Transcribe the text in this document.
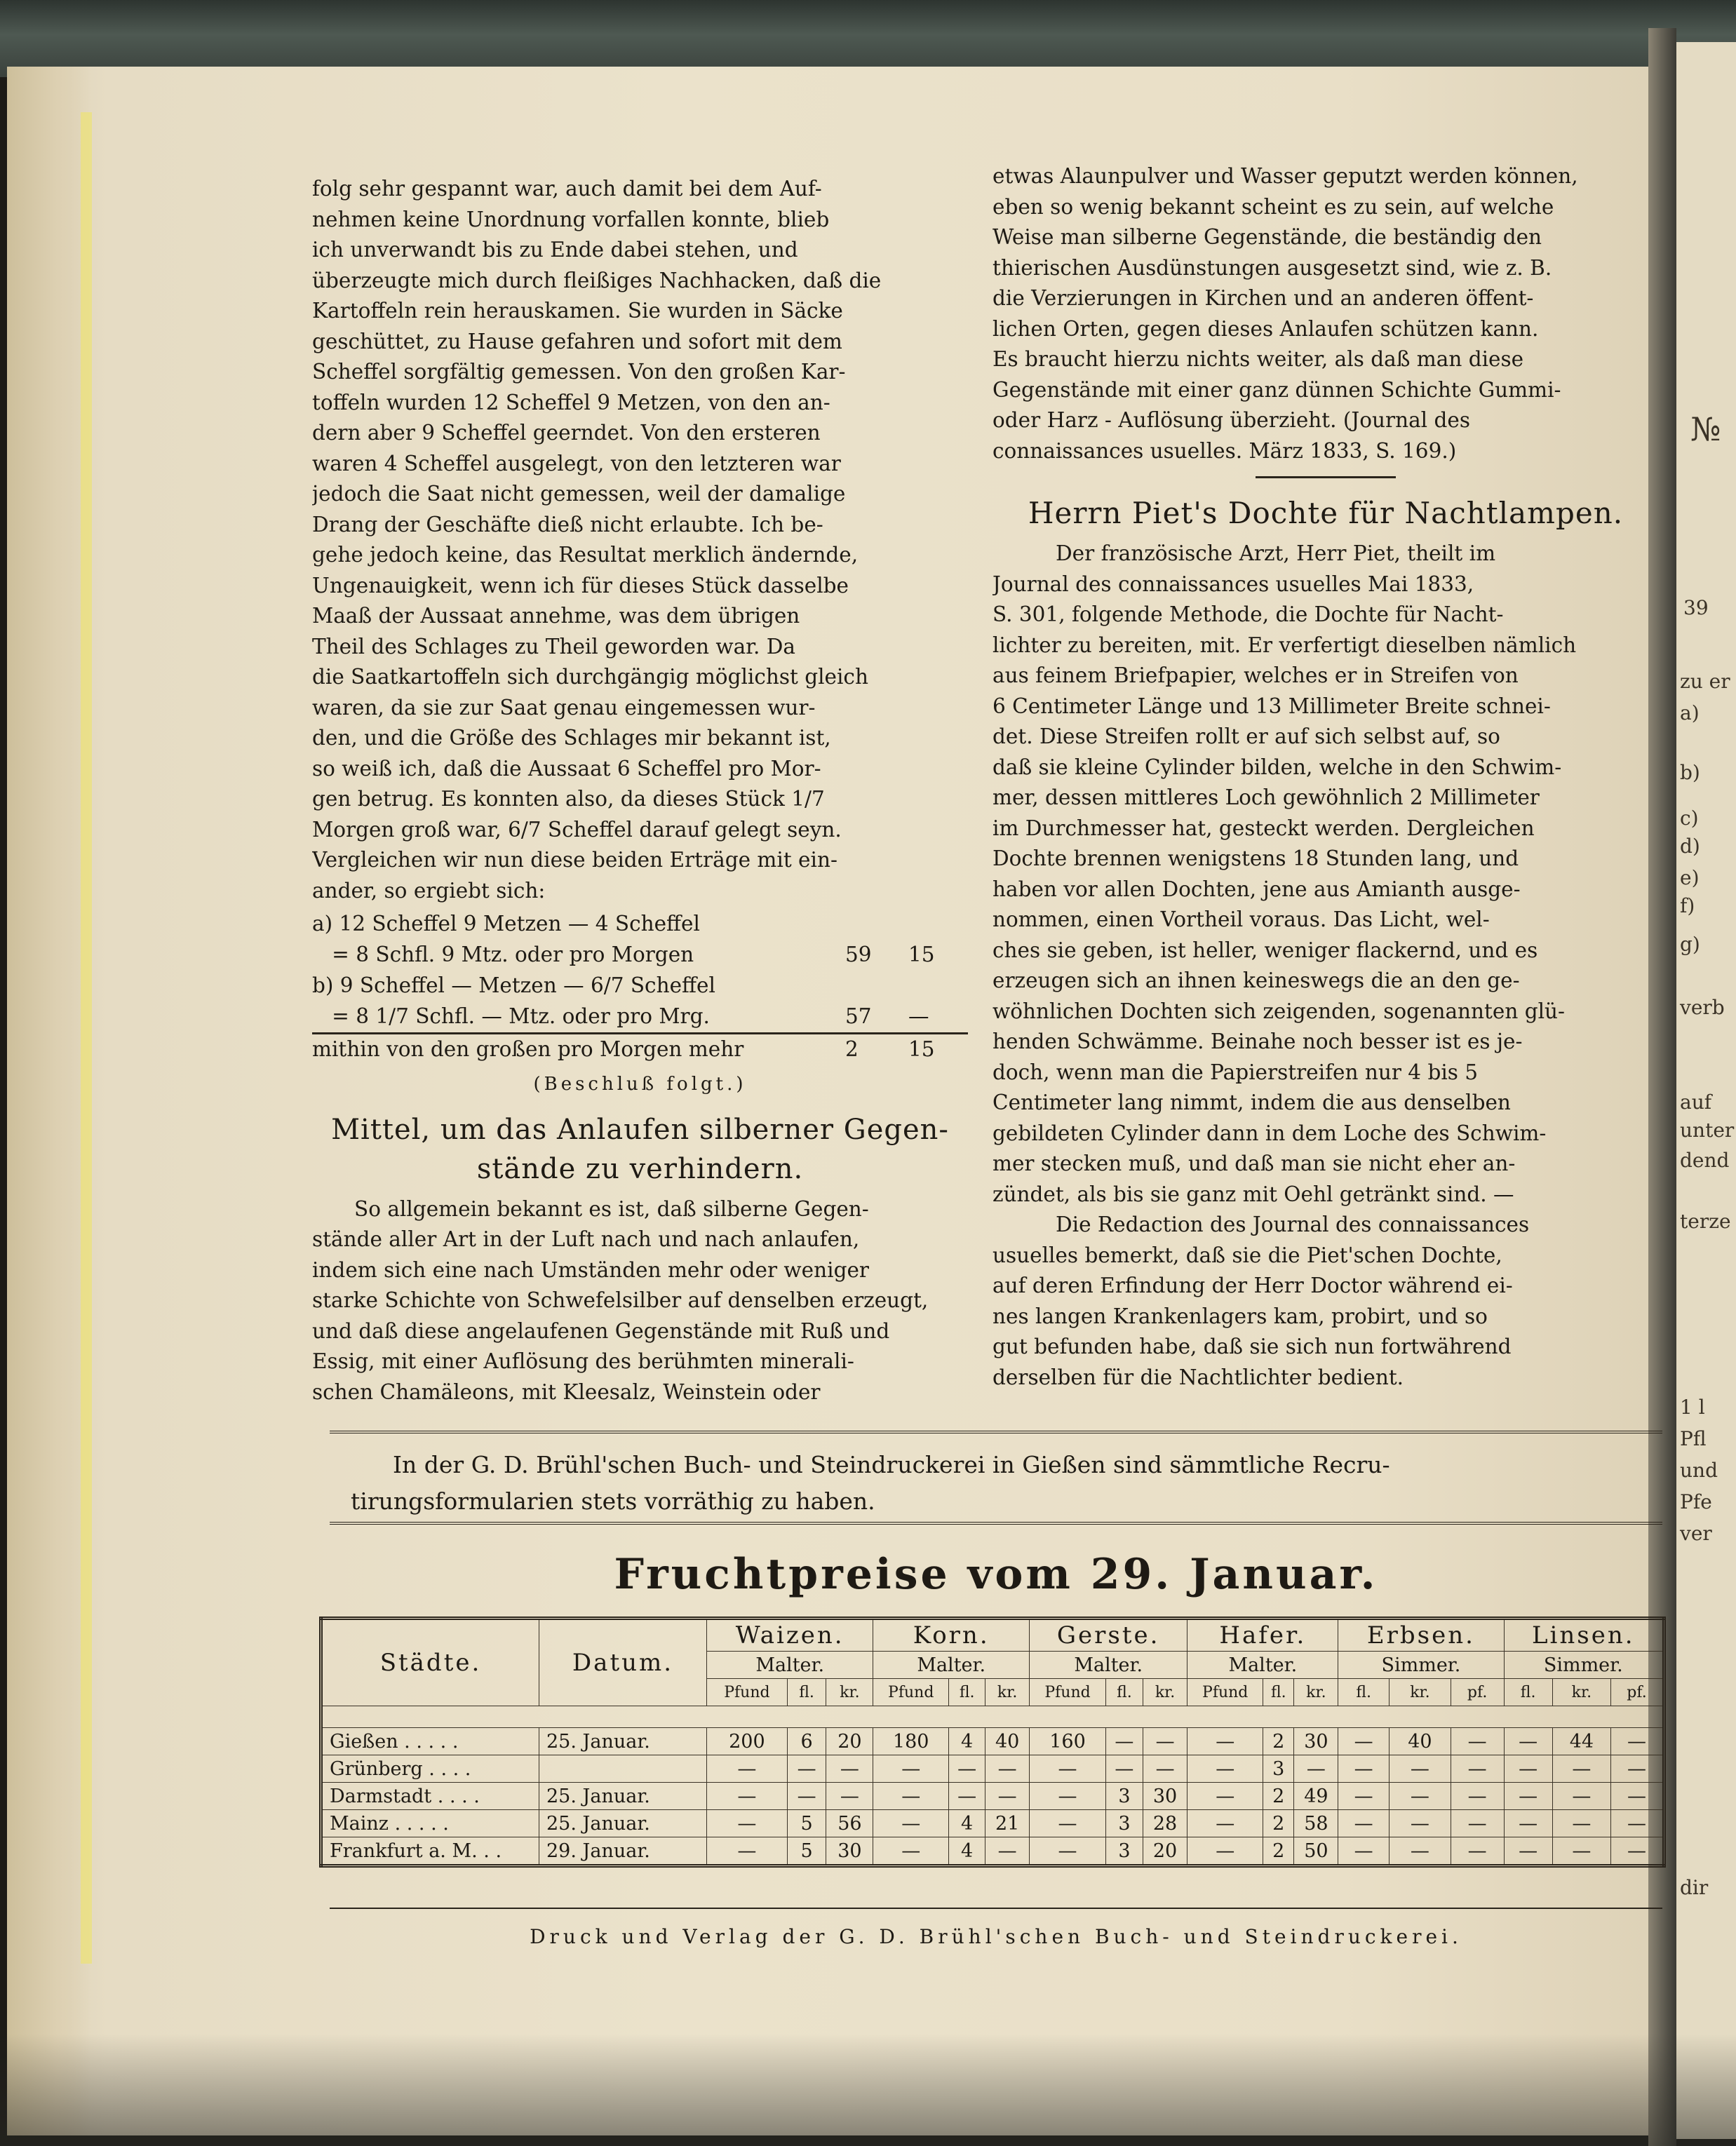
№
39
zu er
a)
b)
c)
d)
e)
f)
g)
verb
auf
unter
dend
terze
1 l
Pfl
und
Pfe
ver
dir
folg sehr gespannt war, auch damit bei dem Auf-
nehmen keine Unordnung vorfallen konnte, blieb
ich unverwandt bis zu Ende dabei stehen, und
überzeugte mich durch fleißiges Nachhacken, daß die
Kartoffeln rein herauskamen. Sie wurden in Säcke
geschüttet, zu Hause gefahren und sofort mit dem
Scheffel sorgfältig gemessen. Von den großen Kar-
toffeln wurden 12 Scheffel 9 Metzen, von den an-
dern aber 9 Scheffel geerndet. Von den ersteren
waren 4 Scheffel ausgelegt, von den letzteren war
jedoch die Saat nicht gemessen, weil der damalige
Drang der Geschäfte dieß nicht erlaubte. Ich be-
gehe jedoch keine, das Resultat merklich ändernde,
Ungenauigkeit, wenn ich für dieses Stück dasselbe
Maaß der Aussaat annehme, was dem übrigen
Theil des Schlages zu Theil geworden war. Da
die Saatkartoffeln sich durchgängig möglichst gleich
waren, da sie zur Saat genau eingemessen wur-
den, und die Größe des Schlages mir bekannt ist,
so weiß ich, daß die Aussaat 6 Scheffel pro Mor-
gen betrug. Es konnten also, da dieses Stück 1/7
Morgen groß war, 6/7 Scheffel darauf gelegt seyn.
Vergleichen wir nun diese beiden Erträge mit ein-
ander, so ergiebt sich:
a) 12 Scheffel 9 Metzen — 4 Scheffel
= 8 Schfl. 9 Mtz. oder pro Morgen	59 15
b) 9 Scheffel — Metzen — 6/7 Scheffel
= 8 1/7 Schfl. — Mtz. oder pro Mrg.	57 —
mithin von den großen pro Morgen mehr	2 15
(Beschluß folgt.)
Mittel, um das Anlaufen silberner Gegen-
stände zu verhindern.
So allgemein bekannt es ist, daß silberne Gegen-
stände aller Art in der Luft nach und nach anlaufen,
indem sich eine nach Umständen mehr oder weniger
starke Schichte von Schwefelsilber auf denselben erzeugt,
und daß diese angelaufenen Gegenstände mit Ruß und
Essig, mit einer Auflösung des berühmten minerali-
schen Chamäleons, mit Kleesalz, Weinstein oder
etwas Alaunpulver und Wasser geputzt werden können,
eben so wenig bekannt scheint es zu sein, auf welche
Weise man silberne Gegenstände, die beständig den
thierischen Ausdünstungen ausgesetzt sind, wie z. B.
die Verzierungen in Kirchen und an anderen öffent-
lichen Orten, gegen dieses Anlaufen schützen kann.
Es braucht hierzu nichts weiter, als daß man diese
Gegenstände mit einer ganz dünnen Schichte Gummi-
oder Harz - Auflösung überzieht. (Journal des
connaissances usuelles. März 1833, S. 169.)
Herrn Piet's Dochte für Nachtlampen.
Der französische Arzt, Herr Piet, theilt im
Journal des connaissances usuelles Mai 1833,
S. 301, folgende Methode, die Dochte für Nacht-
lichter zu bereiten, mit. Er verfertigt dieselben nämlich
aus feinem Briefpapier, welches er in Streifen von
6 Centimeter Länge und 13 Millimeter Breite schnei-
det. Diese Streifen rollt er auf sich selbst auf, so
daß sie kleine Cylinder bilden, welche in den Schwim-
mer, dessen mittleres Loch gewöhnlich 2 Millimeter
im Durchmesser hat, gesteckt werden. Dergleichen
Dochte brennen wenigstens 18 Stunden lang, und
haben vor allen Dochten, jene aus Amianth ausge-
nommen, einen Vortheil voraus. Das Licht, wel-
ches sie geben, ist heller, weniger flackernd, und es
erzeugen sich an ihnen keineswegs die an den ge-
wöhnlichen Dochten sich zeigenden, sogenannten glü-
henden Schwämme. Beinahe noch besser ist es je-
doch, wenn man die Papierstreifen nur 4 bis 5
Centimeter lang nimmt, indem die aus denselben
gebildeten Cylinder dann in dem Loche des Schwim-
mer stecken muß, und daß man sie nicht eher an-
zündet, als bis sie ganz mit Oehl getränkt sind. —
Die Redaction des Journal des connaissances
usuelles bemerkt, daß sie die Piet'schen Dochte,
auf deren Erfindung der Herr Doctor während ei-
nes langen Krankenlagers kam, probirt, und so
gut befunden habe, daß sie sich nun fortwährend
derselben für die Nachtlichter bedient.
In der G. D. Brühl'schen Buch- und Steindruckerei in Gießen sind sämmtliche Recru-
tirungsformularien stets vorräthig zu haben.
Fruchtpreise vom 29. Januar.
Städte.	Datum.	Waizen.			Korn.			Gerste.			Hafer.			Erbsen.			Linsen.		
		Malter.			Malter.			Malter.			Malter.			Simmer.			Simmer.		
		Pfund	fl.	kr.	Pfund	fl.	kr.	Pfund	fl.	kr.	Pfund	fl.	kr.	fl.	kr.	pf.	fl.	kr.	pf.

Gießen . . . . .	25. Januar.	200	6	20	180	4	40	160	—	—	—	2	30	—	40	—	—	44	—
Grünberg . . . .		—	—	—	—	—	—	—	—	—	—	3	—	—	—	—	—	—	—
Darmstadt . . . .	25. Januar.	—	—	—	—	—	—	—	3	30	—	2	49	—	—	—	—	—	—
Mainz . . . . .	25. Januar.	—	5	56	—	4	21	—	3	28	—	2	58	—	—	—	—	—	—
Frankfurt a. M. . .	29. Januar.	—	5	30	—	4	—	—	3	20	—	2	50	—	—	—	—	—	—
Druck und Verlag der G. D. Brühl'schen Buch- und Steindruckerei.
